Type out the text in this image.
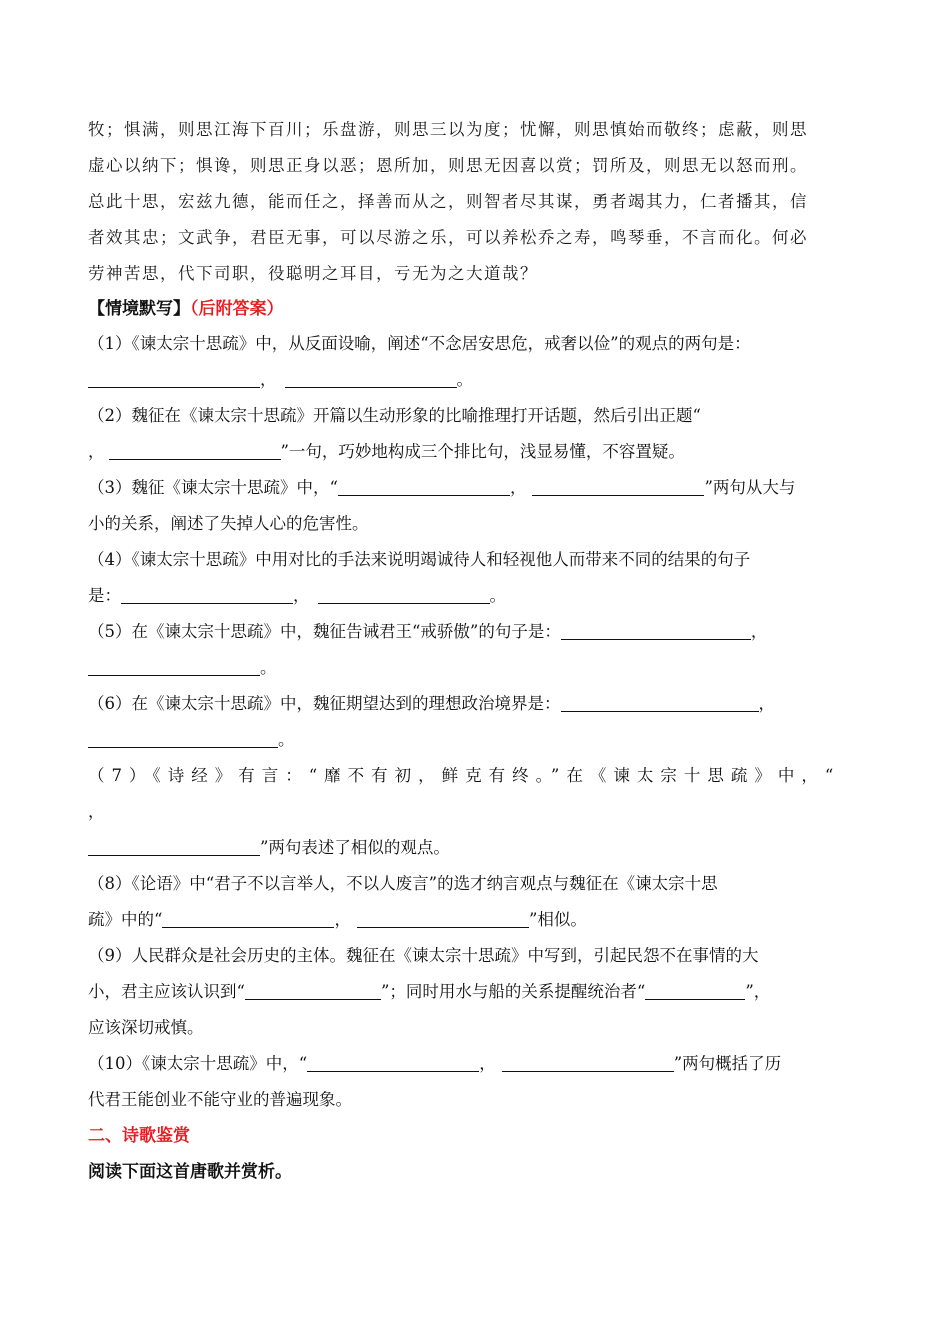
牧；惧满，则思江海下百川；乐盘游，则思三以为度；忧懈，则思慎始而敬终；虑蔽，则思
虚心以纳下；惧谗，则思正身以恶；恩所加，则思无因喜以赏；罚所及，则思无以怒而刑。
总此十思，宏兹九德，能而任之，择善而从之，则智者尽其谋，勇者竭其力，仁者播其，信
者效其忠；文武争，君臣无事，可以尽游之乐，可以养松乔之寿，鸣琴垂，不言而化。何必
劳神苦思，代下司职，役聪明之耳目，亏无为之大道哉？
【情境默写】（后附答案）
（1）《谏太宗十思疏》中，从反面设喻，阐述“不念居安思危，戒奢以俭”的观点的两句是：
，	。
（2）魏征在《谏太宗十思疏》开篇以生动形象的比喻推理打开话题，然后引出正题“
，	”一句，巧妙地构成三个排比句，浅显易懂，不容置疑。
（3）魏征《谏太宗十思疏》中，“	，	”两句从大与
小的关系，阐述了失掉人心的危害性。
（4）《谏太宗十思疏》中用对比的手法来说明竭诚待人和轻视他人而带来不同的结果的句子
是：	，	。
（5）在《谏太宗十思疏》中，魏征告诫君王“戒骄傲”的句子是：	，
。
（6）在《谏太宗十思疏》中，魏征期望达到的理想政治境界是：	，
。
（7）《诗经》有言：“靡不有初，鲜克有终。”在《谏太宗十思疏》中，“
，
”两句表述了相似的观点。
（8）《论语》中“君子不以言举人，不以人废言”的选才纳言观点与魏征在《谏太宗十思
疏》中的“	，	”相似。
（9）人民群众是社会历史的主体。魏征在《谏太宗十思疏》中写到，引起民怨不在事情的大
小，君主应该认识到“	”；同时用水与船的关系提醒统治者“	”，
应该深切戒慎。
（10）《谏太宗十思疏》中，“	，	”两句概括了历
代君王能创业不能守业的普遍现象。
二、诗歌鉴赏
阅读下面这首唐歌并赏析。
